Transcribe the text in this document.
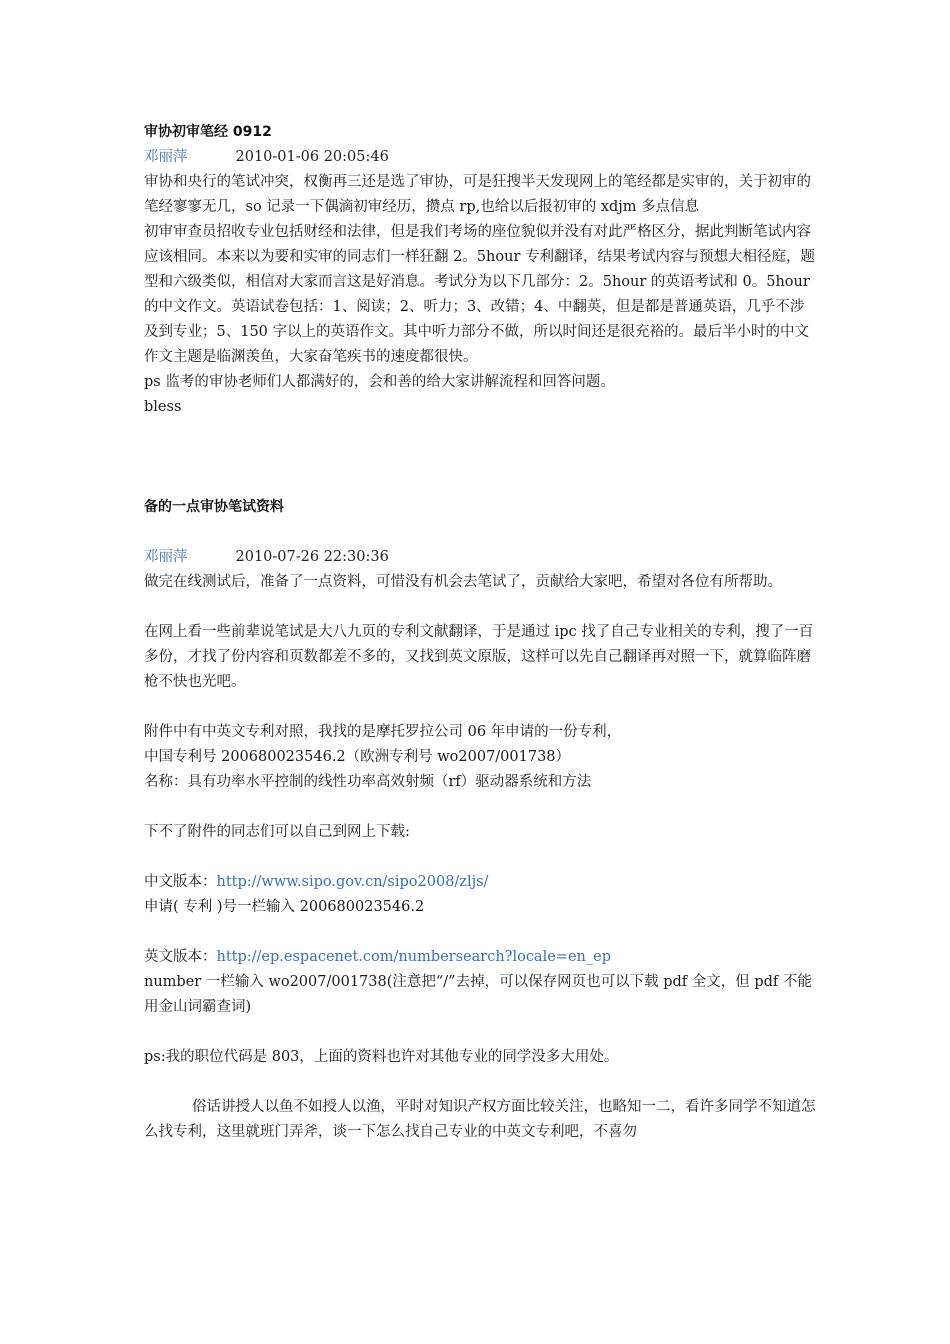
审协初审笔经 0912
邓丽萍	2010-01-06 20:05:46

审协和央行的笔试冲突，权衡再三还是选了审协，可是狂搜半天发现网上的笔经都是实审的，关于初审的笔经寥寥无几，so 记录一下偶滴初审经历，攒点 rp,也给以后报初审的 xdjm 多点信息

初审审查员招收专业包括财经和法律，但是我们考场的座位貌似并没有对此严格区分，据此判断笔试内容应该相同。本来以为要和实审的同志们一样狂翻 2。5hour 专利翻译，结果考试内容与预想大相径庭，题型和六级类似，相信对大家而言这是好消息。考试分为以下几部分：2。5hour 的英语考试和 0。5hour 的中文作文。英语试卷包括：1、阅读；2、听力；3、改错；4、中翻英，但是都是普通英语，几乎不涉及到专业；5、150 字以上的英语作文。其中听力部分不做，所以时间还是很充裕的。最后半小时的中文作文主题是临渊羡鱼，大家奋笔疾书的速度都很快。

ps 监考的审协老师们人都满好的，会和善的给大家讲解流程和回答问题。

bless

备的一点审协笔试资料
邓丽萍	2010-07-26 22:30:36

做完在线测试后，准备了一点资料，可惜没有机会去笔试了，贡献给大家吧，希望对各位有所帮助。

在网上看一些前辈说笔试是大八九页的专利文献翻译，于是通过 ipc 找了自己专业相关的专利，搜了一百多份，才找了份内容和页数都差不多的，又找到英文原版，这样可以先自己翻译再对照一下，就算临阵磨枪不快也光吧。

附件中有中英文专利对照，我找的是摩托罗拉公司 06 年申请的一份专利，

中国专利号 200680023546.2（欧洲专利号 wo2007/001738）

名称：具有功率水平控制的线性功率高效射频（rf）驱动器系统和方法

下不了附件的同志们可以自己到网上下载:

中文版本：http://www.sipo.gov.cn/sipo2008/zljs/

申请( 专利 )号一栏输入 200680023546.2

英文版本：http://ep.espacenet.com/numbersearch?locale=en_ep

number 一栏输入 wo2007/001738(注意把“/”去掉，可以保存网页也可以下载 pdf 全文，但 pdf 不能用金山词霸查词)

ps:我的职位代码是 803，上面的资料也许对其他专业的同学没多大用处。

俗话讲授人以鱼不如授人以渔，平时对知识产权方面比较关注，也略知一二，看许多同学不知道怎么找专利，这里就班门弄斧，谈一下怎么找自己专业的中英文专利吧，不喜勿
